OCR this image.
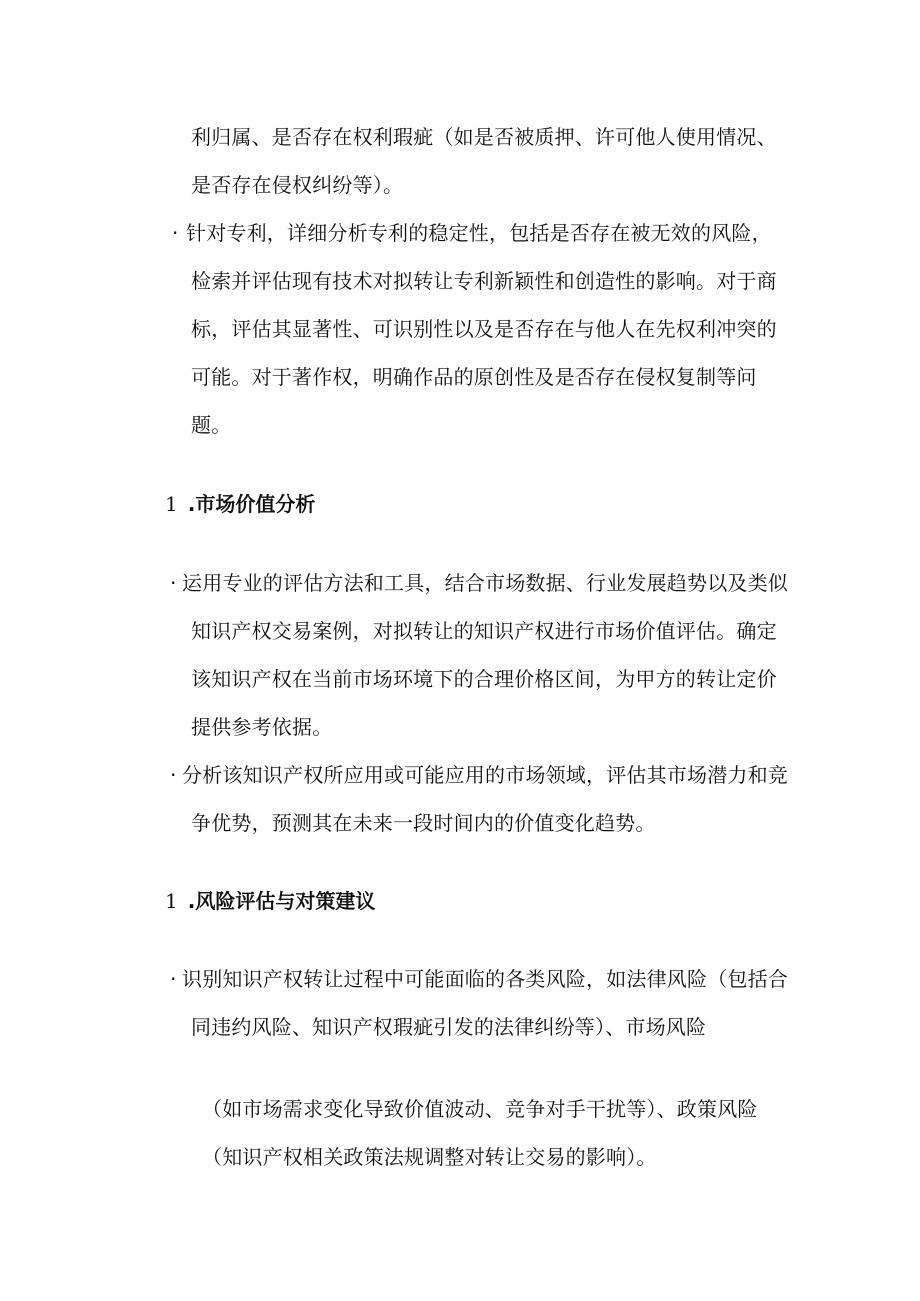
利归属、是否存在权利瑕疵（如是否被质押、许可他人使用情况、
是否存在侵权纠纷等）。
· 针对专利，详细分析专利的稳定性，包括是否存在被无效的风险，
检索并评估现有技术对拟转让专利新颖性和创造性的影响。对于商
标，评估其显著性、可识别性以及是否存在与他人在先权利冲突的
可能。对于著作权，明确作品的原创性及是否存在侵权复制等问
题。
1 .市场价值分析
· 运用专业的评估方法和工具，结合市场数据、行业发展趋势以及类似
知识产权交易案例，对拟转让的知识产权进行市场价值评估。确定
该知识产权在当前市场环境下的合理价格区间，为甲方的转让定价
提供参考依据。
· 分析该知识产权所应用或可能应用的市场领域，评估其市场潜力和竞
争优势，预测其在未来一段时间内的价值变化趋势。
1 .风险评估与对策建议
· 识别知识产权转让过程中可能面临的各类风险，如法律风险（包括合
同违约风险、知识产权瑕疵引发的法律纠纷等）、市场风险
（如市场需求变化导致价值波动、竞争对手干扰等）、政策风险
（知识产权相关政策法规调整对转让交易的影响）。
